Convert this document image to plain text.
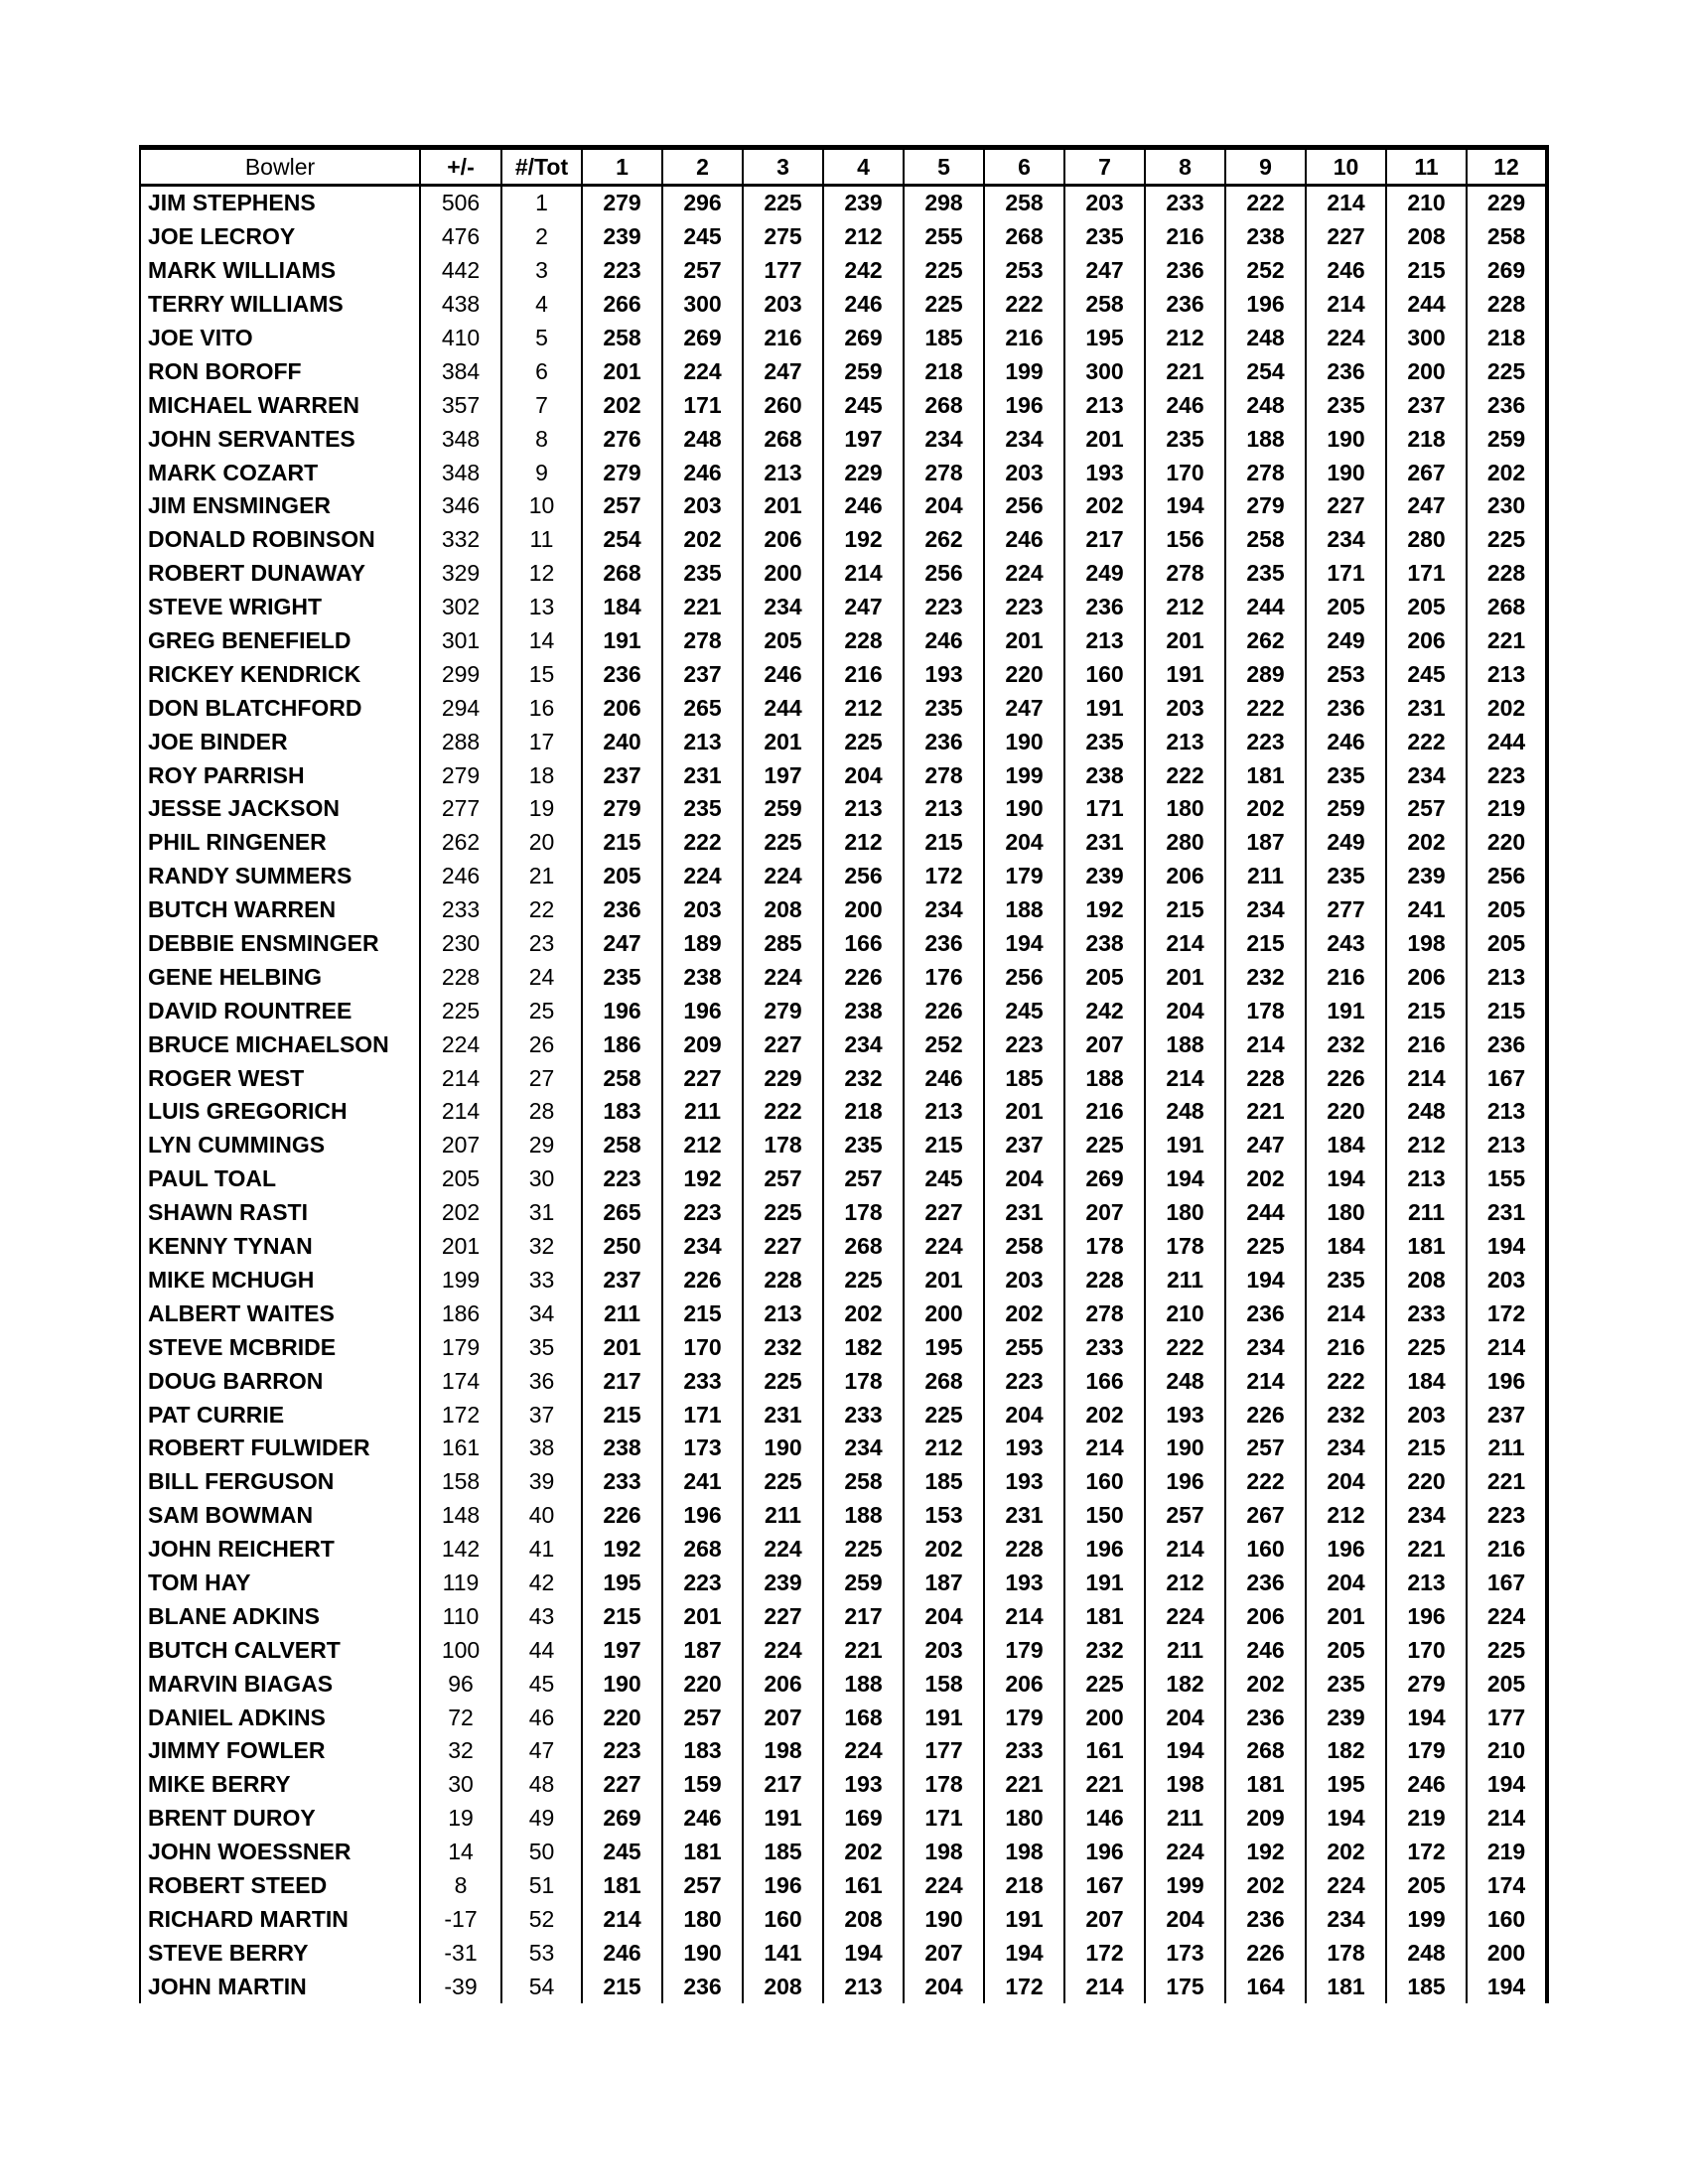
Bowler	+/-	#/Tot	1	2	3	4	5	6	7	8	9	10	11	12
JIM STEPHENS	506	1	279	296	225	239	298	258	203	233	222	214	210	229
JOE LECROY	476	2	239	245	275	212	255	268	235	216	238	227	208	258
MARK WILLIAMS	442	3	223	257	177	242	225	253	247	236	252	246	215	269
TERRY WILLIAMS	438	4	266	300	203	246	225	222	258	236	196	214	244	228
JOE VITO	410	5	258	269	216	269	185	216	195	212	248	224	300	218
RON BOROFF	384	6	201	224	247	259	218	199	300	221	254	236	200	225
MICHAEL WARREN	357	7	202	171	260	245	268	196	213	246	248	235	237	236
JOHN SERVANTES	348	8	276	248	268	197	234	234	201	235	188	190	218	259
MARK COZART	348	9	279	246	213	229	278	203	193	170	278	190	267	202
JIM ENSMINGER	346	10	257	203	201	246	204	256	202	194	279	227	247	230
DONALD ROBINSON	332	11	254	202	206	192	262	246	217	156	258	234	280	225
ROBERT DUNAWAY	329	12	268	235	200	214	256	224	249	278	235	171	171	228
STEVE WRIGHT	302	13	184	221	234	247	223	223	236	212	244	205	205	268
GREG BENEFIELD	301	14	191	278	205	228	246	201	213	201	262	249	206	221
RICKEY KENDRICK	299	15	236	237	246	216	193	220	160	191	289	253	245	213
DON BLATCHFORD	294	16	206	265	244	212	235	247	191	203	222	236	231	202
JOE BINDER	288	17	240	213	201	225	236	190	235	213	223	246	222	244
ROY PARRISH	279	18	237	231	197	204	278	199	238	222	181	235	234	223
JESSE JACKSON	277	19	279	235	259	213	213	190	171	180	202	259	257	219
PHIL RINGENER	262	20	215	222	225	212	215	204	231	280	187	249	202	220
RANDY SUMMERS	246	21	205	224	224	256	172	179	239	206	211	235	239	256
BUTCH WARREN	233	22	236	203	208	200	234	188	192	215	234	277	241	205
DEBBIE ENSMINGER	230	23	247	189	285	166	236	194	238	214	215	243	198	205
GENE HELBING	228	24	235	238	224	226	176	256	205	201	232	216	206	213
DAVID ROUNTREE	225	25	196	196	279	238	226	245	242	204	178	191	215	215
BRUCE MICHAELSON	224	26	186	209	227	234	252	223	207	188	214	232	216	236
ROGER WEST	214	27	258	227	229	232	246	185	188	214	228	226	214	167
LUIS GREGORICH	214	28	183	211	222	218	213	201	216	248	221	220	248	213
LYN CUMMINGS	207	29	258	212	178	235	215	237	225	191	247	184	212	213
PAUL TOAL	205	30	223	192	257	257	245	204	269	194	202	194	213	155
SHAWN RASTI	202	31	265	223	225	178	227	231	207	180	244	180	211	231
KENNY TYNAN	201	32	250	234	227	268	224	258	178	178	225	184	181	194
MIKE MCHUGH	199	33	237	226	228	225	201	203	228	211	194	235	208	203
ALBERT WAITES	186	34	211	215	213	202	200	202	278	210	236	214	233	172
STEVE MCBRIDE	179	35	201	170	232	182	195	255	233	222	234	216	225	214
DOUG BARRON	174	36	217	233	225	178	268	223	166	248	214	222	184	196
PAT CURRIE	172	37	215	171	231	233	225	204	202	193	226	232	203	237
ROBERT FULWIDER	161	38	238	173	190	234	212	193	214	190	257	234	215	211
BILL FERGUSON	158	39	233	241	225	258	185	193	160	196	222	204	220	221
SAM BOWMAN	148	40	226	196	211	188	153	231	150	257	267	212	234	223
JOHN REICHERT	142	41	192	268	224	225	202	228	196	214	160	196	221	216
TOM HAY	119	42	195	223	239	259	187	193	191	212	236	204	213	167
BLANE ADKINS	110	43	215	201	227	217	204	214	181	224	206	201	196	224
BUTCH CALVERT	100	44	197	187	224	221	203	179	232	211	246	205	170	225
MARVIN BIAGAS	96	45	190	220	206	188	158	206	225	182	202	235	279	205
DANIEL ADKINS	72	46	220	257	207	168	191	179	200	204	236	239	194	177
JIMMY FOWLER	32	47	223	183	198	224	177	233	161	194	268	182	179	210
MIKE BERRY	30	48	227	159	217	193	178	221	221	198	181	195	246	194
BRENT DUROY	19	49	269	246	191	169	171	180	146	211	209	194	219	214
JOHN WOESSNER	14	50	245	181	185	202	198	198	196	224	192	202	172	219
ROBERT STEED	8	51	181	257	196	161	224	218	167	199	202	224	205	174
RICHARD MARTIN	-17	52	214	180	160	208	190	191	207	204	236	234	199	160
STEVE BERRY	-31	53	246	190	141	194	207	194	172	173	226	178	248	200
JOHN MARTIN	-39	54	215	236	208	213	204	172	214	175	164	181	185	194
